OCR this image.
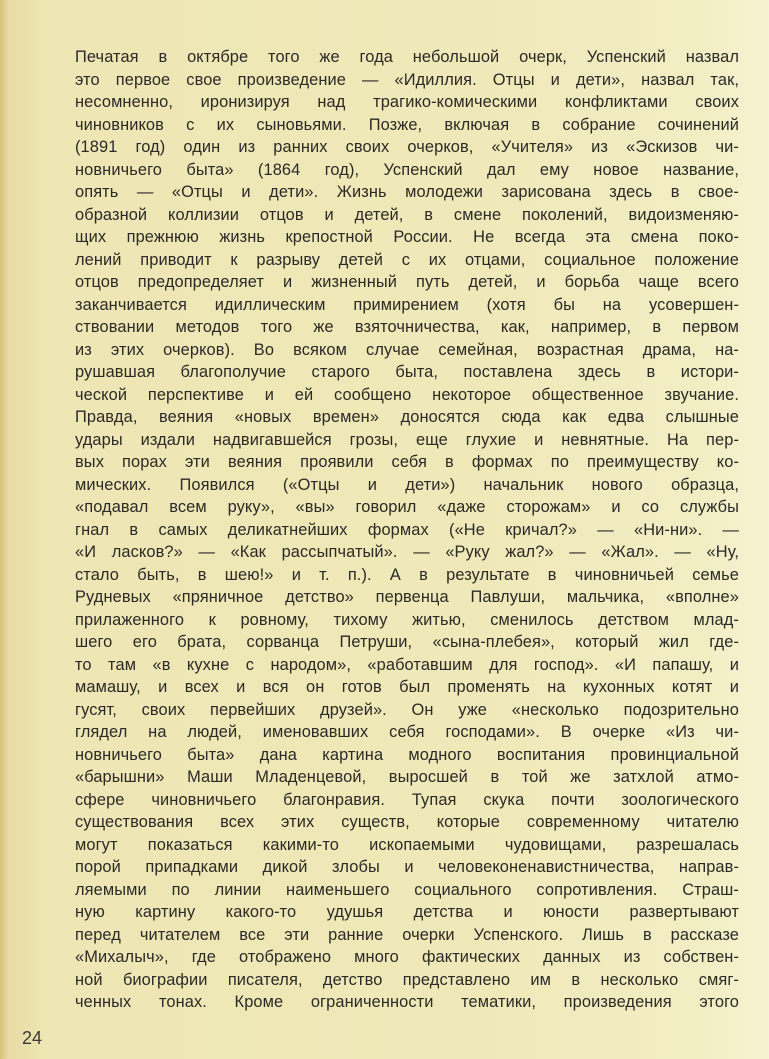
Печатая в октябре того же года небольшой очерк, Успенский назвал
это первое свое произведение — «Идиллия. Отцы и дети», назвал так,
несомненно, иронизируя над трагико-комическими конфликтами своих
чиновников с их сыновьями. Позже, включая в собрание сочинений
(1891 год) один из ранних своих очерков, «Учителя» из «Эскизов чи-
новничьего быта» (1864 год), Успенский дал ему новое название,
опять — «Отцы и дети». Жизнь молодежи зарисована здесь в свое-
образной коллизии отцов и детей, в смене поколений, видоизменяю-
щих прежнюю жизнь крепостной России. Не всегда эта смена поко-
лений приводит к разрыву детей с их отцами, социальное положение
отцов предопределяет и жизненный путь детей, и борьба чаще всего
заканчивается идиллическим примирением (хотя бы на усовершен-
ствовании методов того же взяточничества, как, например, в первом
из этих очерков). Во всяком случае семейная, возрастная драма, на-
рушавшая благополучие старого быта, поставлена здесь в истори-
ческой перспективе и ей сообщено некоторое общественное звучание.
Правда, веяния «новых времен» доносятся сюда как едва слышные
удары издали надвигавшейся грозы, еще глухие и невнятные. На пер-
вых порах эти веяния проявили себя в формах по преимуществу ко-
мических. Появился («Отцы и дети») начальник нового образца,
«подавал всем руку», «вы» говорил «даже сторожам» и со службы
гнал в самых деликатнейших формах («Не кричал?» — «Ни-ни». —
«И ласков?» — «Как рассыпчатый». — «Руку жал?» — «Жал». — «Ну,
стало быть, в шею!» и т. п.). А в результате в чиновничьей семье
Рудневых «пряничное детство» первенца Павлуши, мальчика, «вполне»
прилаженного к ровному, тихому житью, сменилось детством млад-
шего его брата, сорванца Петруши, «сына-плебея», который жил где-
то там «в кухне с народом», «работавшим для господ». «И папашу, и
мамашу, и всех и вся он готов был променять на кухонных котят и
гусят, своих первейших друзей». Он уже «несколько подозрительно
глядел на людей, именовавших себя господами». В очерке «Из чи-
новничьего быта» дана картина модного воспитания провинциальной
«барышни» Маши Младенцевой, выросшей в той же затхлой атмо-
сфере чиновничьего благонравия. Тупая скука почти зоологического
существования всех этих существ, которые современному читателю
могут показаться какими-то ископаемыми чудовищами, разрешалась
порой припадками дикой злобы и человеконенавистничества, направ-
ляемыми по линии наименьшего социального сопротивления. Страш-
ную картину какого-то удушья детства и юности развертывают
перед читателем все эти ранние очерки Успенского. Лишь в рассказе
«Михалыч», где отображено много фактических данных из собствен-
ной биографии писателя, детство представлено им в несколько смяг-
ченных тонах. Кроме ограниченности тематики, произведения этого
24
